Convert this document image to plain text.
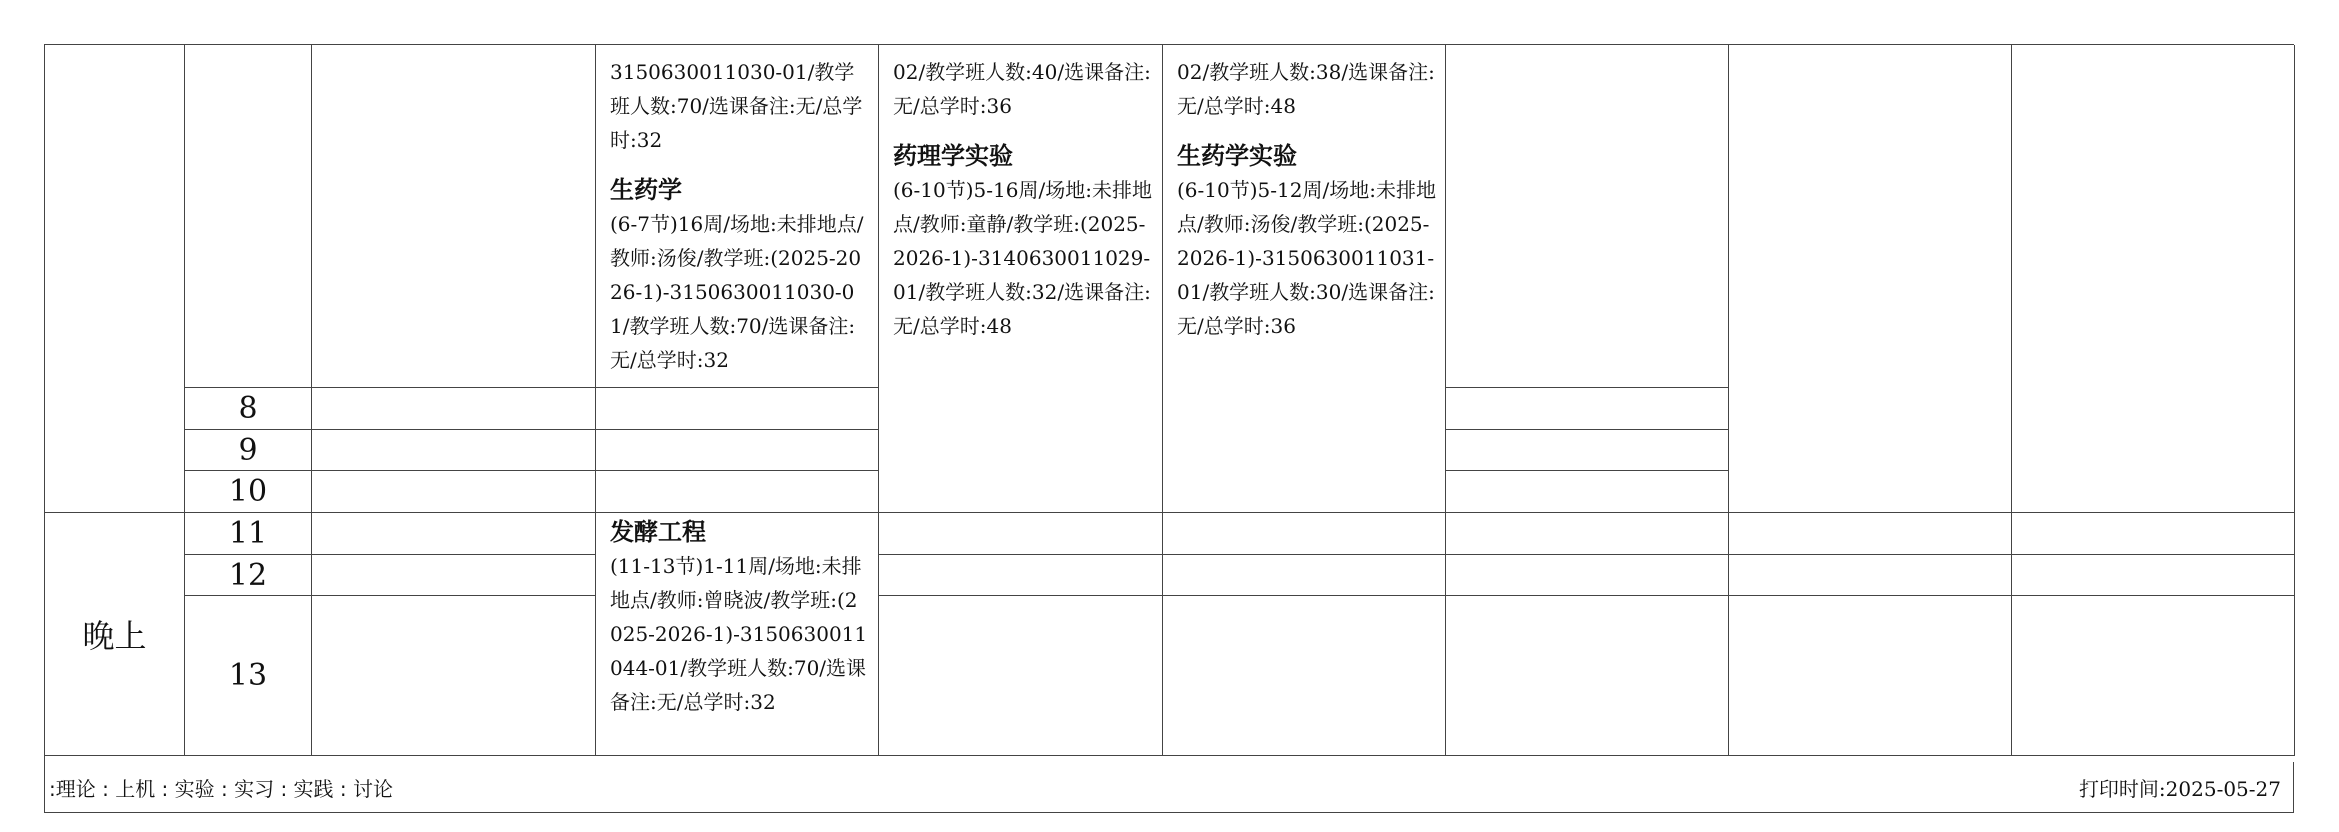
3150630011030-01/教学班人数:70/选课备注:无/总学时:32
生药学
(6-7节)16周/场地:未排地点/教师:汤俊/教学班:(2025-2026-1)-3150630011030-01/教学班人数:70/选课备注:无/总学时:32
02/教学班人数:40/选课备注:无/总学时:36
药理学实验
(6-10节)5-16周/场地:未排地点/教师:童静/教学班:(2025-2026-1)-3140630011029-01/教学班人数:32/选课备注:无/总学时:48
02/教学班人数:38/选课备注:无/总学时:48
生药学实验
(6-10节)5-12周/场地:未排地点/教师:汤俊/教学班:(2025-2026-1)-3150630011031-01/教学班人数:30/选课备注:无/总学时:36
8
9
10
晚上
11	发酵工程
(11-13节)1-11周/场地:未排地点/教师:曾晓波/教学班:(2025-2026-1)-3150630011044-01/教学班人数:70/选课备注:无/总学时:32
12
13
:理论 : 上机 : 实验 : 实习 : 实践 : 讨论	打印时间:2025-05-27
